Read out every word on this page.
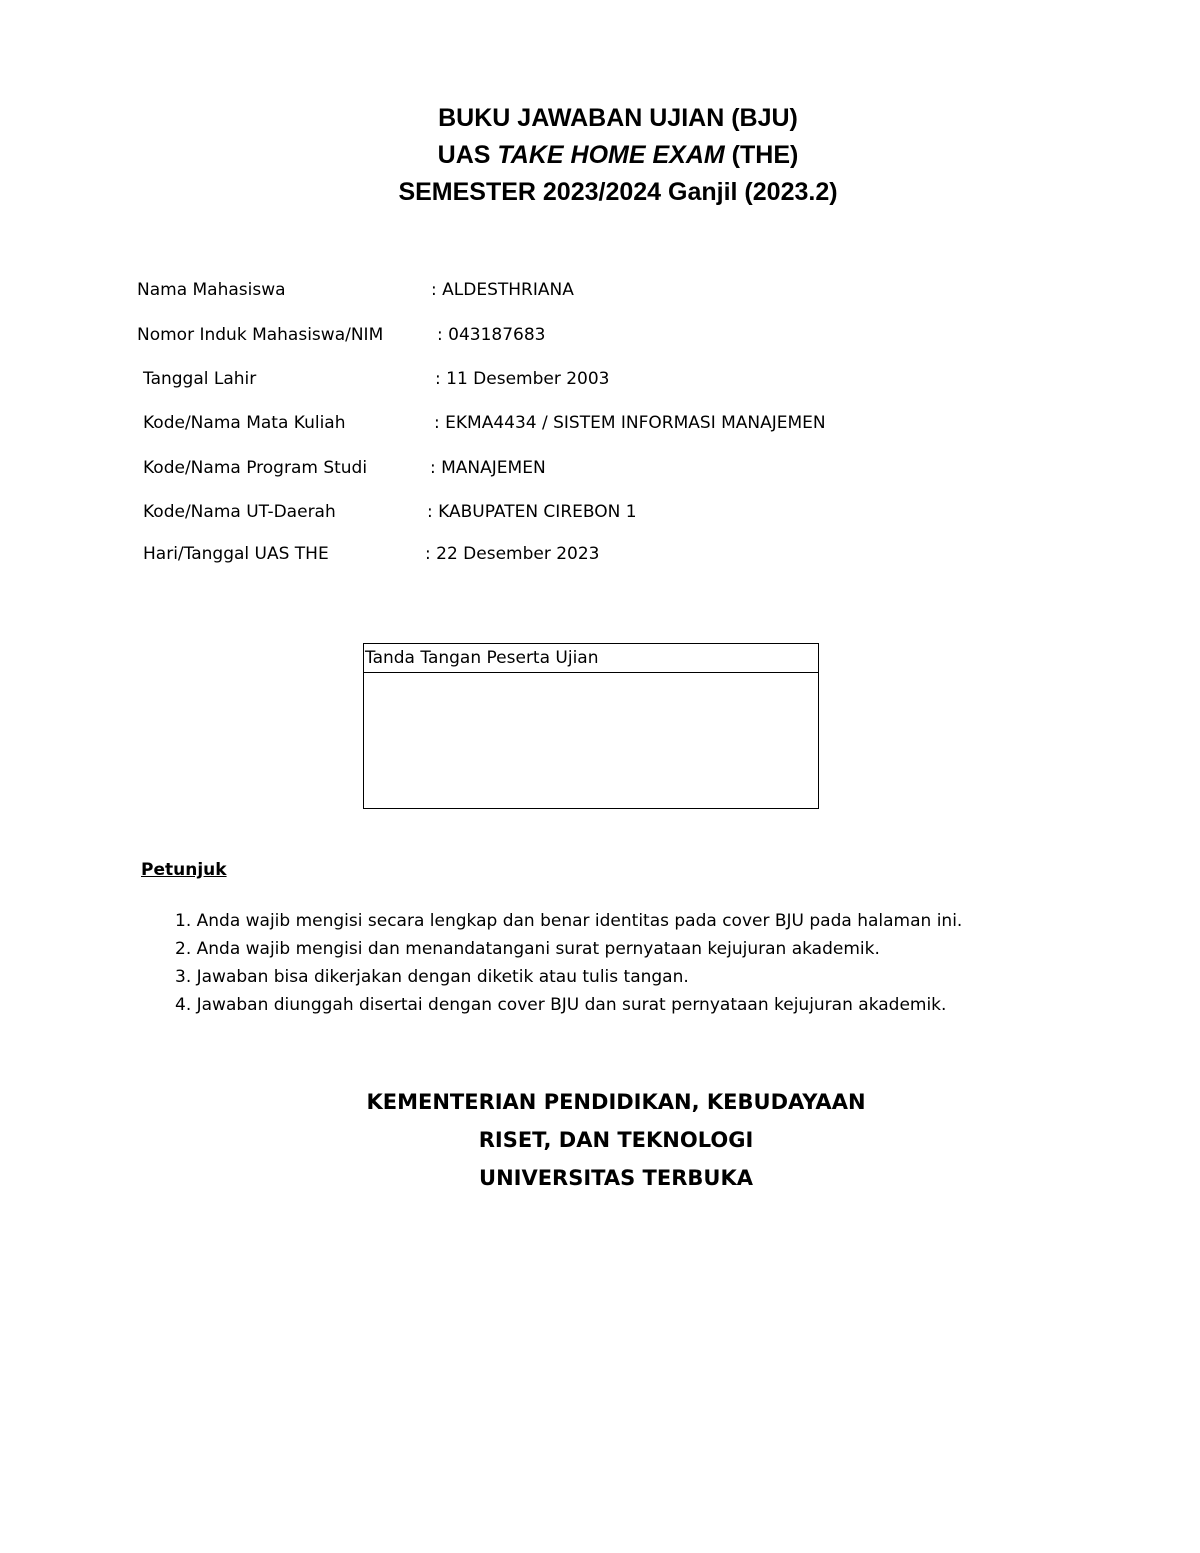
BUKU JAWABAN UJIAN (BJU)
UAS TAKE HOME EXAM (THE)
SEMESTER 2023/2024 Ganjil (2023.2)
Nama Mahasiswa	: ALDESTHRIANA
Nomor Induk Mahasiswa/NIM	: 043187683
Tanggal Lahir	: 11 Desember 2003
Kode/Nama Mata Kuliah	: EKMA4434 / SISTEM INFORMASI MANAJEMEN
Kode/Nama Program Studi	: MANAJEMEN
Kode/Nama UT-Daerah	: KABUPATEN CIREBON 1
Hari/Tanggal UAS THE	: 22 Desember 2023
Tanda Tangan Peserta Ujian
Petunjuk
1. Anda wajib mengisi secara lengkap dan benar identitas pada cover BJU pada halaman ini.
2. Anda wajib mengisi dan menandatangani surat pernyataan kejujuran akademik.
3. Jawaban bisa dikerjakan dengan diketik atau tulis tangan.
4. Jawaban diunggah disertai dengan cover BJU dan surat pernyataan kejujuran akademik.
KEMENTERIAN PENDIDIKAN, KEBUDAYAAN
RISET, DAN TEKNOLOGI
UNIVERSITAS TERBUKA
